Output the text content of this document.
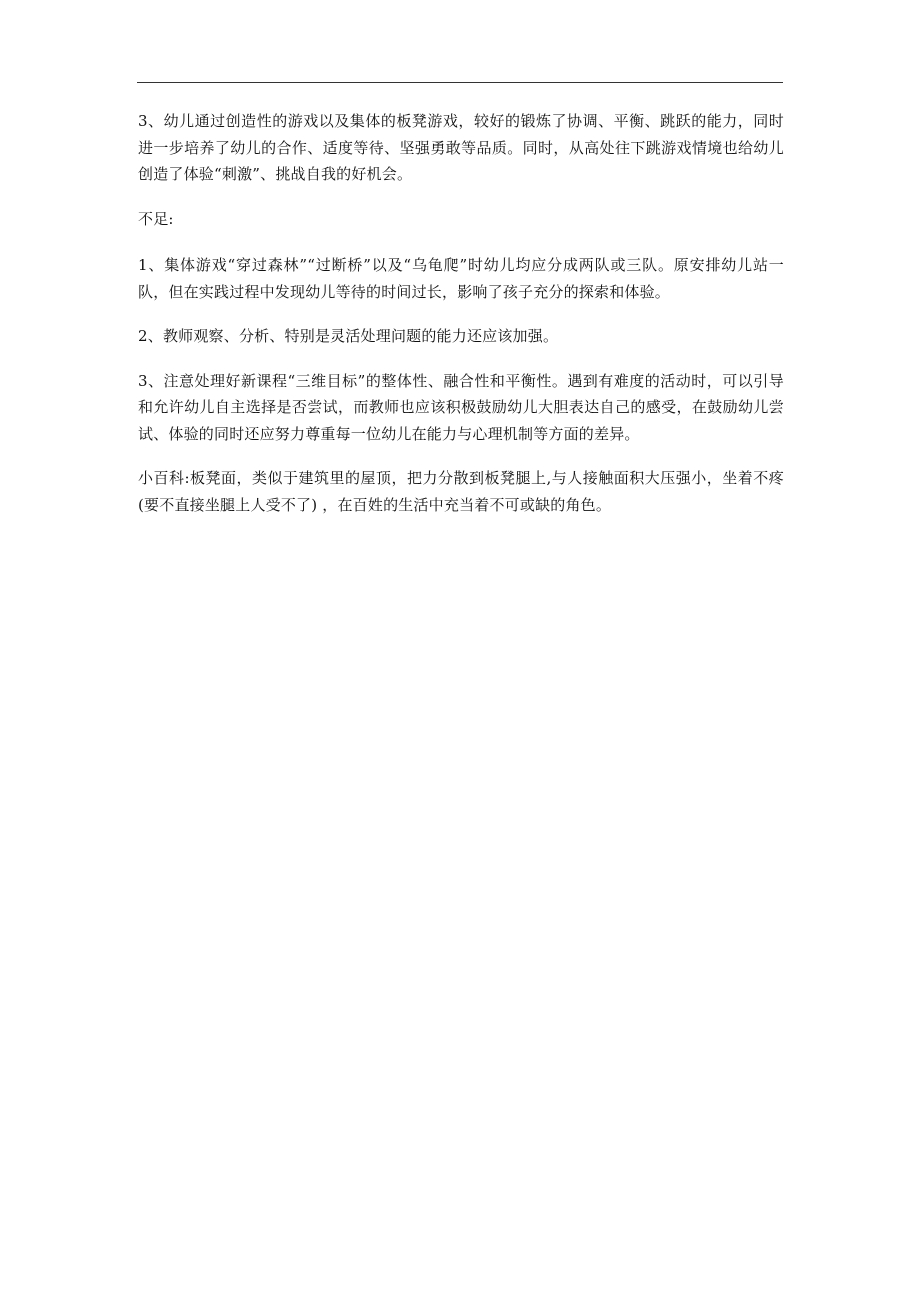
3、幼儿通过创造性的游戏以及集体的板凳游戏，较好的锻炼了协调、平衡、跳跃的能力，同时进一步培养了幼儿的合作、适度等待、坚强勇敢等品质。同时，从高处往下跳游戏情境也给幼儿创造了体验“刺激”、挑战自我的好机会。

不足:

1、集体游戏“穿过森林”“过断桥”以及“乌龟爬”时幼儿均应分成两队或三队。原安排幼儿站一队，但在实践过程中发现幼儿等待的时间过长，影响了孩子充分的探索和体验。

2、教师观察、分析、特别是灵活处理问题的能力还应该加强。

3、注意处理好新课程“三维目标”的整体性、融合性和平衡性。遇到有难度的活动时，可以引导和允许幼儿自主选择是否尝试，而教师也应该积极鼓励幼儿大胆表达自己的感受，在鼓励幼儿尝试、体验的同时还应努力尊重每一位幼儿在能力与心理机制等方面的差异。

小百科:板凳面，类似于建筑里的屋顶，把力分散到板凳腿上,与人接触面积大压强小，坐着不疼(要不直接坐腿上人受不了) ，在百姓的生活中充当着不可或缺的角色。
